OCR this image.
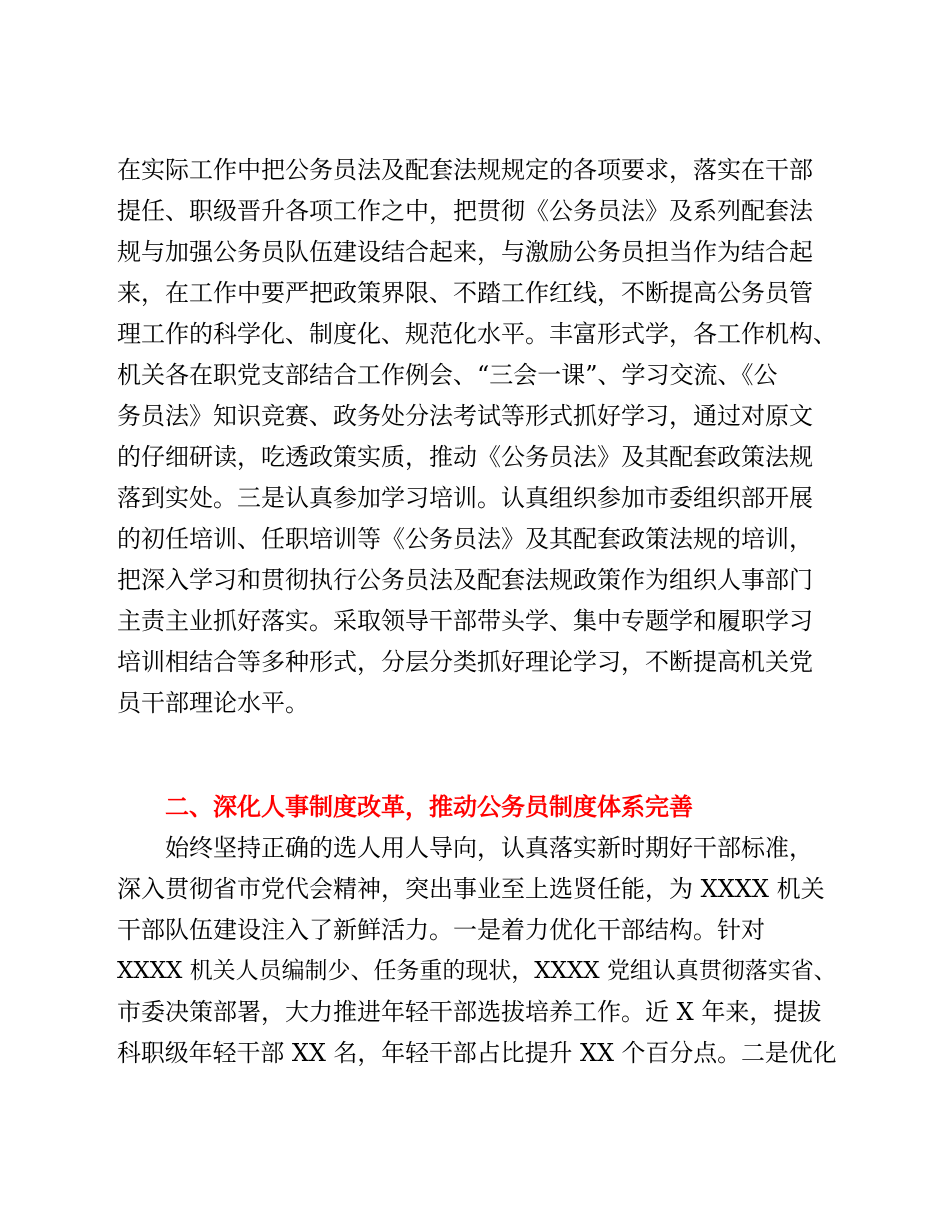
在实际工作中把公务员法及配套法规规定的各项要求，落实在干部
提任、职级晋升各项工作之中，把贯彻《公务员法》及系列配套法
规与加强公务员队伍建设结合起来，与激励公务员担当作为结合起
来，在工作中要严把政策界限、不踏工作红线，不断提高公务员管
理工作的科学化、制度化、规范化水平。丰富形式学，各工作机构、
机关各在职党支部结合工作例会、“三会一课”、学习交流、《公
务员法》知识竞赛、政务处分法考试等形式抓好学习，通过对原文
的仔细研读，吃透政策实质，推动《公务员法》及其配套政策法规
落到实处。三是认真参加学习培训。认真组织参加市委组织部开展
的初任培训、任职培训等《公务员法》及其配套政策法规的培训，
把深入学习和贯彻执行公务员法及配套法规政策作为组织人事部门
主责主业抓好落实。采取领导干部带头学、集中专题学和履职学习
培训相结合等多种形式，分层分类抓好理论学习，不断提高机关党
员干部理论水平。
二、深化人事制度改革，推动公务员制度体系完善
始终坚持正确的选人用人导向，认真落实新时期好干部标准，
深入贯彻省市党代会精神，突出事业至上选贤任能，为 XXXX 机关
干部队伍建设注入了新鲜活力。一是着力优化干部结构。针对
XXXX 机关人员编制少、任务重的现状，XXXX 党组认真贯彻落实省、
市委决策部署，大力推进年轻干部选拔培养工作。近 X 年来，提拔
科职级年轻干部 XX 名，年轻干部占比提升 XX 个百分点。二是优化
